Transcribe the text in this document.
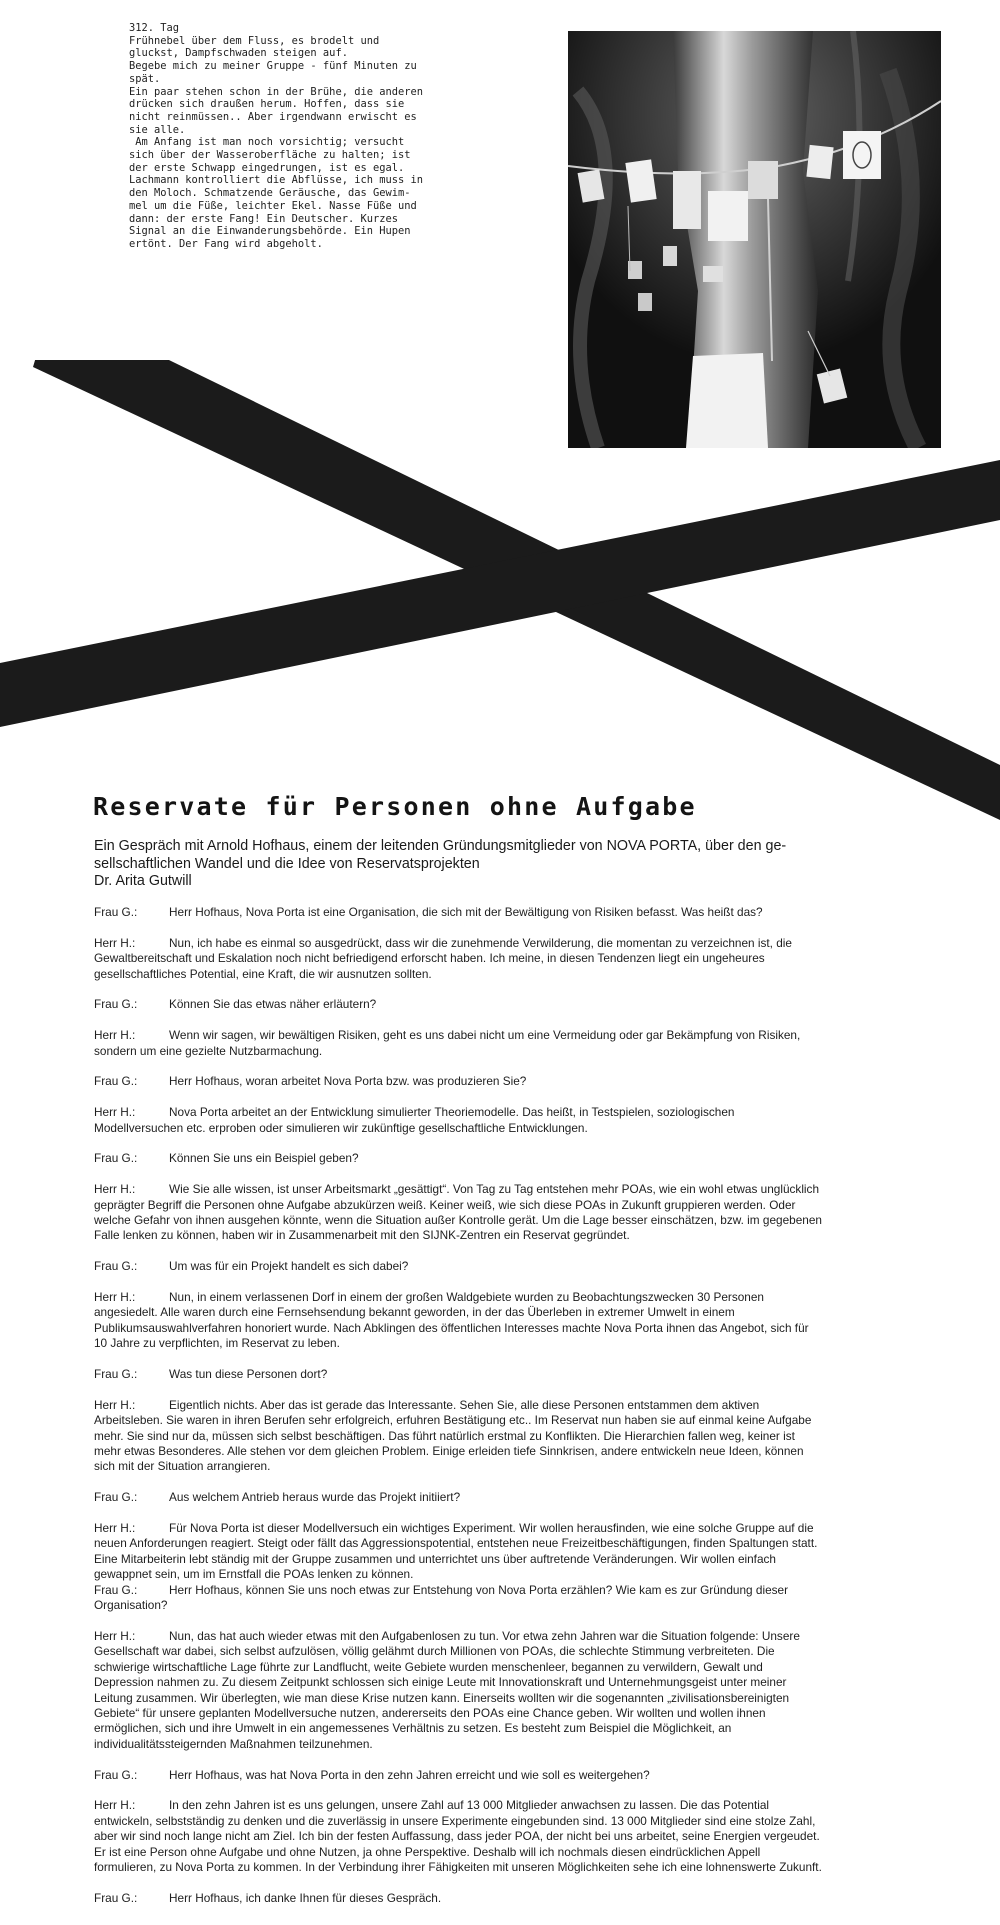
312. Tag
Frühnebel über dem Fluss, es brodelt und
gluckst, Dampfschwaden steigen auf.
Begebe mich zu meiner Gruppe - fünf Minuten zu
spät.
Ein paar stehen schon in der Brühe, die anderen
drücken sich draußen herum. Hoffen, dass sie
nicht reinmüssen.. Aber irgendwann erwischt es
sie alle.
Am Anfang ist man noch vorsichtig; versucht
sich über der Wasseroberfläche zu halten; ist
der erste Schwapp eingedrungen, ist es egal.
Lachmann kontrolliert die Abflüsse, ich muss in
den Moloch. Schmatzende Geräusche, das Gewim-
mel um die Füße, leichter Ekel. Nasse Füße und
dann: der erste Fang! Ein Deutscher. Kurzes
Signal an die Einwanderungsbehörde. Ein Hupen
ertönt. Der Fang wird abgeholt.
Reservate für Personen ohne Aufgabe
Ein Gespräch mit Arnold Hofhaus, einem der leitenden Gründungsmitglieder von NOVA PORTA, über den ge-
sellschaftlichen Wandel und die Idee von Reservatsprojekten
Dr. Arita Gutwill
Frau G.:	Herr Hofhaus, Nova Porta ist eine Organisation, die sich mit der Bewältigung von Risiken befasst. Was heißt das?
Herr H.:	Nun, ich habe es einmal so ausgedrückt, dass wir die zunehmende Verwilderung, die momentan zu verzeichnen ist, die Gewaltbereitschaft und Eskalation noch nicht befriedigend erforscht haben. Ich meine, in diesen Tendenzen liegt ein ungeheures gesellschaftliches Potential, eine Kraft, die wir ausnutzen sollten.
Frau G.:	Können Sie das etwas näher erläutern?
Herr H.:	Wenn wir sagen, wir bewältigen Risiken, geht es uns dabei nicht um eine Vermeidung oder gar Bekämpfung von Risiken, sondern um eine gezielte Nutzbarmachung.
Frau G.:	Herr Hofhaus, woran arbeitet Nova Porta bzw. was produzieren Sie?
Herr H.:	Nova Porta arbeitet an der Entwicklung simulierter Theoriemodelle. Das heißt, in Testspielen, soziologischen Modellversuchen etc. erproben oder simulieren wir zukünftige gesellschaftliche Entwicklungen.
Frau G.:	Können Sie uns ein Beispiel geben?
Herr H.:	Wie Sie alle wissen, ist unser Arbeitsmarkt „gesättigt“. Von Tag zu Tag entstehen mehr POAs, wie ein wohl etwas unglücklich geprägter Begriff die Personen ohne Aufgabe abzukürzen weiß. Keiner weiß, wie sich diese POAs in Zukunft gruppieren werden. Oder welche Gefahr von ihnen ausgehen könnte, wenn die Situation außer Kontrolle gerät. Um die Lage besser einschätzen, bzw. im gegebenen Falle lenken zu können, haben wir in Zusammenarbeit mit den SIJNK-Zentren ein Reservat gegründet.
Frau G.:	Um was für ein Projekt handelt es sich dabei?
Herr H.:	Nun, in einem verlassenen Dorf in einem der großen Waldgebiete wurden zu Beobachtungszwecken 30 Personen angesiedelt. Alle waren durch eine Fernsehsendung bekannt geworden, in der das Überleben in extremer Umwelt in einem Publikumsauswahlverfahren honoriert wurde. Nach Abklingen des öffentlichen Interesses machte Nova Porta ihnen das Angebot, sich für 10 Jahre zu verpflichten, im Reservat zu leben.
Frau G.:	Was tun diese Personen dort?
Herr H.:	Eigentlich nichts. Aber das ist gerade das Interessante. Sehen Sie, alle diese Personen entstammen dem aktiven Arbeitsleben. Sie waren in ihren Berufen sehr erfolgreich, erfuhren Bestätigung etc.. Im Reservat nun haben sie auf einmal keine Aufgabe mehr. Sie sind nur da, müssen sich selbst beschäftigen. Das führt natürlich erstmal zu Konflikten. Die Hierarchien fallen weg, keiner ist mehr etwas Besonderes. Alle stehen vor dem gleichen Problem. Einige erleiden tiefe Sinnkrisen, andere entwickeln neue Ideen, können sich mit der Situation arrangieren.
Frau G.:	Aus welchem Antrieb heraus wurde das Projekt initiiert?
Herr H.:	Für Nova Porta ist dieser Modellversuch ein wichtiges Experiment. Wir wollen herausfinden, wie eine solche Gruppe auf die neuen Anforderungen reagiert. Steigt oder fällt das Aggressionspotential, entstehen neue Freizeitbeschäftigungen, finden Spaltungen statt. Eine Mitarbeiterin lebt ständig mit der Gruppe zusammen und unterrichtet uns über auftretende Veränderungen. Wir wollen einfach gewappnet sein, um im Ernstfall die POAs lenken zu können.
Frau G.:	Herr Hofhaus, können Sie uns noch etwas zur Entstehung von Nova Porta erzählen? Wie kam es zur Gründung dieser Organisation?
Herr H.:	Nun, das hat auch wieder etwas mit den Aufgabenlosen zu tun. Vor etwa zehn Jahren war die Situation folgende: Unsere Gesellschaft war dabei, sich selbst aufzulösen, völlig gelähmt durch Millionen von POAs, die schlechte Stimmung verbreiteten. Die schwierige wirtschaftliche Lage führte zur Landflucht, weite Gebiete wurden menschenleer, begannen zu verwildern, Gewalt und Depression nahmen zu. Zu diesem Zeitpunkt schlossen sich einige Leute mit Innovationskraft und Unternehmungsgeist unter meiner Leitung zusammen. Wir überlegten, wie man diese Krise nutzen kann. Einerseits wollten wir die sogenannten „zivilisationsbereinigten Gebiete“ für unsere geplanten Modellversuche nutzen, andererseits den POAs eine Chance geben. Wir wollten und wollen ihnen ermöglichen, sich und ihre Umwelt in ein angemessenes Verhältnis zu setzen. Es besteht zum Beispiel die Möglichkeit, an individualitätssteigernden Maßnahmen teilzunehmen.
Frau G.:	Herr Hofhaus, was hat Nova Porta in den zehn Jahren erreicht und wie soll es weitergehen?
Herr H.:	In den zehn Jahren ist es uns gelungen, unsere Zahl auf 13 000 Mitglieder anwachsen zu lassen. Die das Potential entwickeln, selbstständig zu denken und die zuverlässig in unsere Experimente eingebunden sind. 13 000 Mitglieder sind eine stolze Zahl, aber wir sind noch lange nicht am Ziel. Ich bin der festen Auffassung, dass jeder POA, der nicht bei uns arbeitet, seine Energien vergeudet. Er ist eine Person ohne Aufgabe und ohne Nutzen, ja ohne Perspektive. Deshalb will ich nochmals diesen eindrücklichen Appell formulieren, zu Nova Porta zu kommen. In der Verbindung ihrer Fähigkeiten mit unseren Möglichkeiten sehe ich eine lohnenswerte Zukunft.
Frau G.:	Herr Hofhaus, ich danke Ihnen für dieses Gespräch.
